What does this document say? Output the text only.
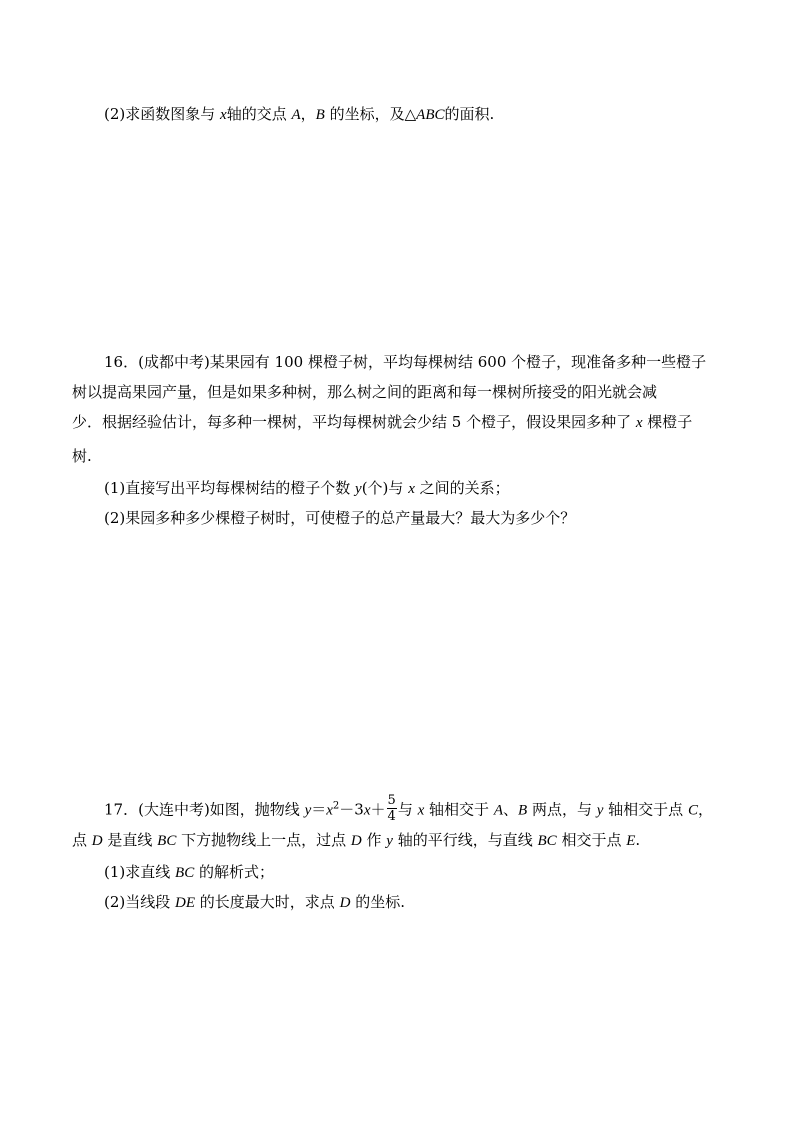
(2)求函数图象与 x轴的交点 A，B 的坐标，及△ABC的面积.
16．(成都中考)某果园有 100 棵橙子树，平均每棵树结 600 个橙子，现准备多种一些橙子
树以提高果园产量，但是如果多种树，那么树之间的距离和每一棵树所接受的阳光就会减
少．根据经验估计，每多种一棵树，平均每棵树就会少结 5 个橙子，假设果园多种了 x 棵橙子
树.
(1)直接写出平均每棵树结的橙子个数 y(个)与 x 之间的关系；
(2)果园多种多少棵橙子树时，可使橙子的总产量最大？最大为多少个？
17．(大连中考)如图，抛物线 $y=x^2-3x+ \frac{5}{4}$ 与 x 轴相交于 A、B 两点，与 y 轴相交于点 C，
点 D 是直线 BC 下方抛物线上一点，过点 D 作 y 轴的平行线，与直线 BC 相交于点 E.
(1)求直线 BC 的解析式；
(2)当线段 DE 的长度最大时，求点 D 的坐标.
